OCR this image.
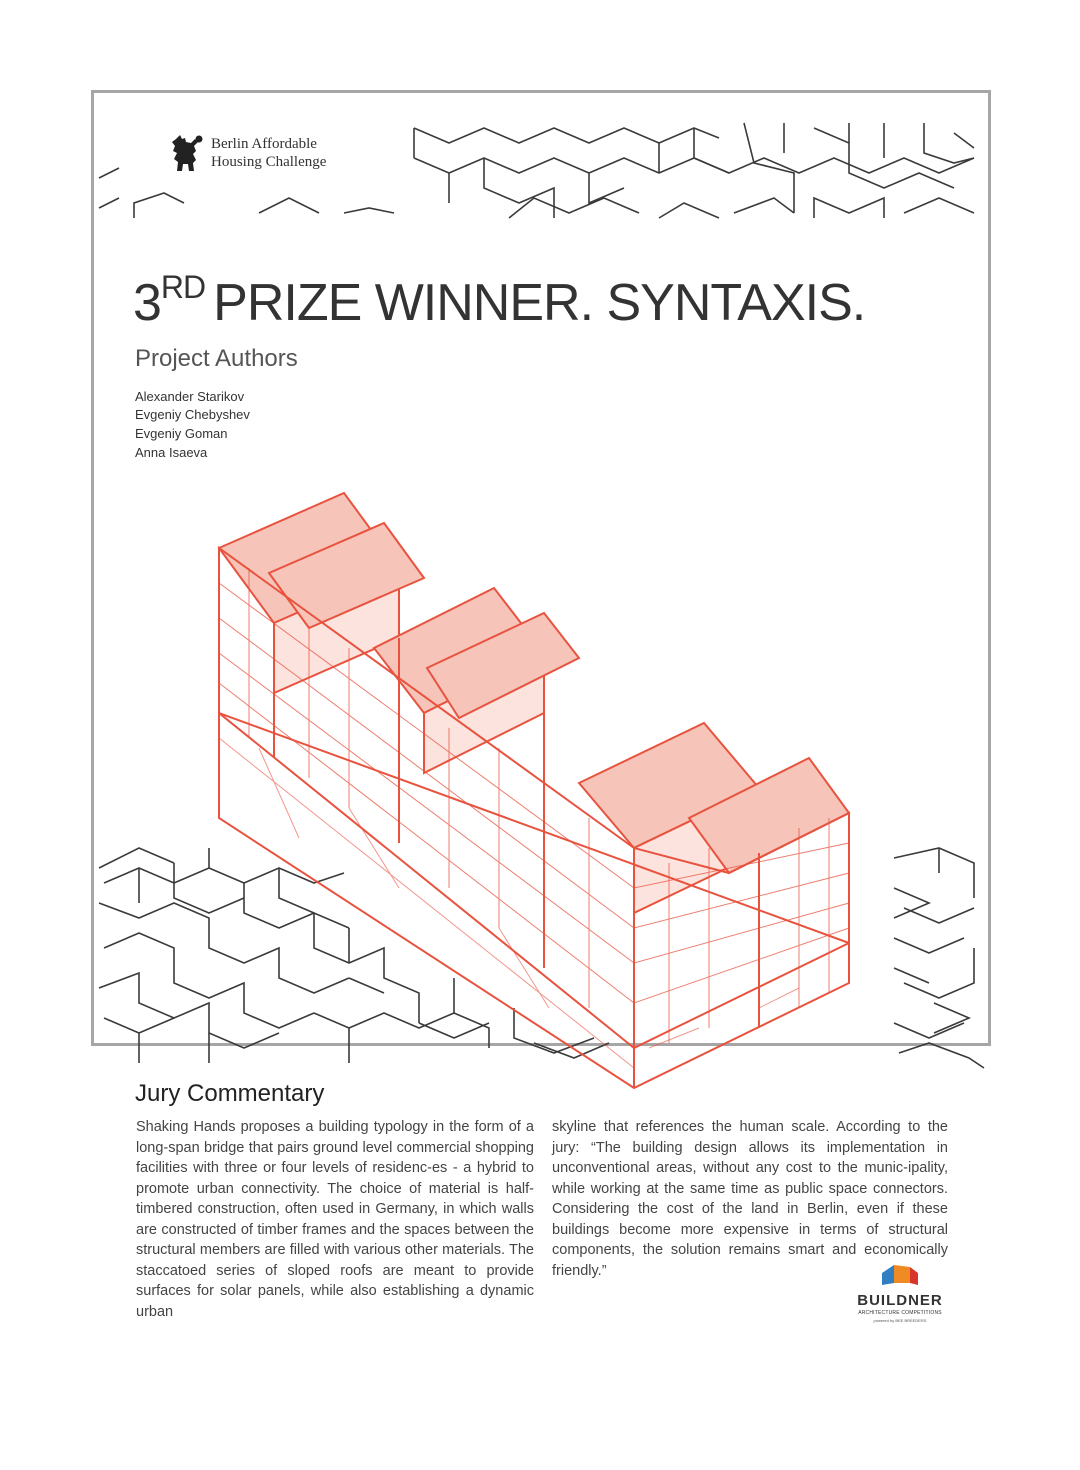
Berlin Affordable
Housing Challenge
3RD PRIZE WINNER. SYNTAXIS.
Project Authors
Alexander Starikov
Evgeniy Chebyshev
Evgeniy Goman
Anna Isaeva
Jury Commentary
Shaking Hands proposes a building typology in the form of a long-span bridge that pairs ground level commercial shopping facilities with three or four levels of residenc-es - a hybrid to promote urban connectivity. The choice of material is half-timbered construction, often used in Germany, in which walls are constructed of timber frames and the spaces between the structural members are filled with various other materials. The staccatoed series of sloped roofs are meant to provide surfaces for solar panels, while also establishing a dynamic urban
skyline that references the human scale. According to the jury: “The building design allows its implementation in unconventional areas, without any cost to the munic-ipality, while working at the same time as public space connectors. Considering the cost of the land in Berlin, even if these buildings become more expensive in terms of structural components, the solution remains smart and economically friendly.”
BUILDNER
ARCHITECTURE COMPETITIONS
powered by BEE BREEDERS
